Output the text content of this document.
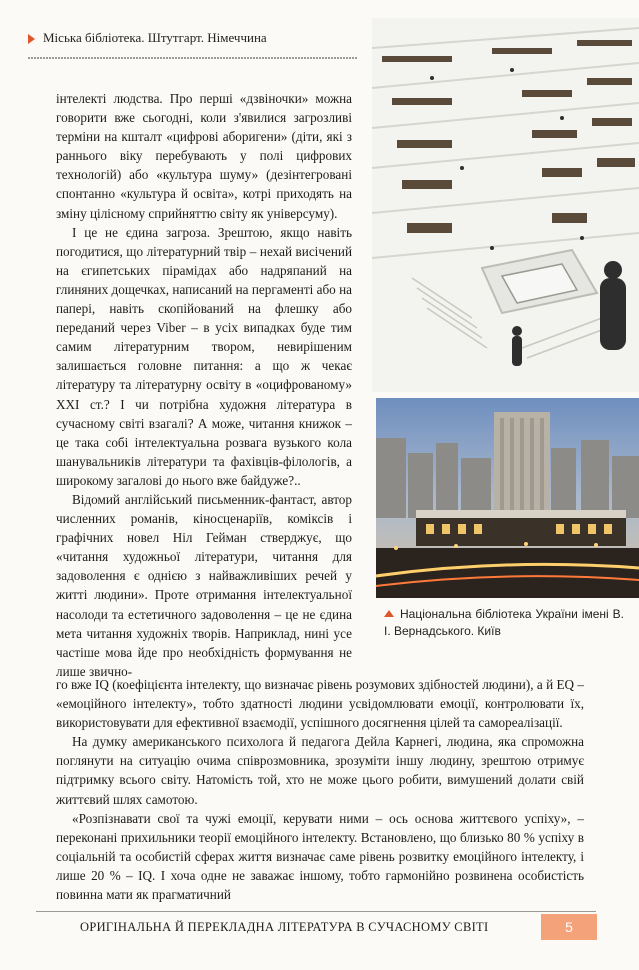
Міська бібліотека. Штутгарт. Німеччина
Національна бібліотека України імені В. І. Вернадського. Київ

інтелекті людства. Про перші «дзвіночки» можна говорити вже сьогодні, коли з'явилися загрозливі терміни на кшталт «цифрові аборигени» (діти, які з раннього віку перебувають у полі цифрових технологій) або «культура шуму» (дезінтегровані спонтанно «культура й освіта», котрі приходять на зміну цілісному сприйняттю світу як універсуму).

І це не єдина загроза. Зрештою, якщо навіть погодитися, що літературний твір – нехай висічений на єгипетських пірамідах або надряпаний на глиняних дощечках, написаний на пергаменті або на папері, навіть скопійований на флешку або переданий через Viber – в усіх випадках буде тим самим літературним твором, невирішеним залишається головне питання: а що ж чекає літературу та літературну освіту в «оцифрованому» XXI ст.? І чи потрібна художня література в сучасному світі взагалі? А може, читання книжок – це така собі інтелектуальна розвага вузького кола шанувальників літератури та фахівців-філологів, а широкому загалові до нього вже байдуже?..

Відомий англійський письменник-фантаст, автор численних романів, кіносценаріїв, коміксів і графічних новел Ніл Гейман стверджує, що «читання художньої літератури, читання для задоволення є однією з найважливіших речей у житті людини». Проте отримання інтелектуальної насолоди та естетичного задоволення – це не єдина мета читання художніх творів. Наприклад, нині усе частіше мова йде про необхідність формування не лише звично-

го вже IQ (коефіцієнта інтелекту, що визначає рівень розумових здібностей людини), а й EQ – «емоційного інтелекту», тобто здатності людини усвідомлювати емоції, контролювати їх, використовувати для ефективної взаємодії, успішного досягнення цілей та самореалізації.

На думку американського психолога й педагога Дейла Карнегі, людина, яка спроможна поглянути на ситуацію очима співрозмовника, зрозуміти іншу людину, зрештою отримує підтримку всього світу. Натомість той, хто не може цього робити, вимушений долати свій життєвий шлях самотою.

«Розпізнавати свої та чужі емоції, керувати ними – ось основа життєвого успіху», – переконані прихильники теорії емоційного інтелекту. Встановлено, що близько 80 % успіху в соціальній та особистій сферах життя визначає саме рівень розвитку емоційного інтелекту, і лише 20 % – IQ. І хоча одне не заважає іншому, тобто гармонійно розвинена особистість повинна мати як прагматичний

ОРИГІНАЛЬНА Й ПЕРЕКЛАДНА ЛІТЕРАТУРА В СУЧАСНОМУ СВІТІ	5
